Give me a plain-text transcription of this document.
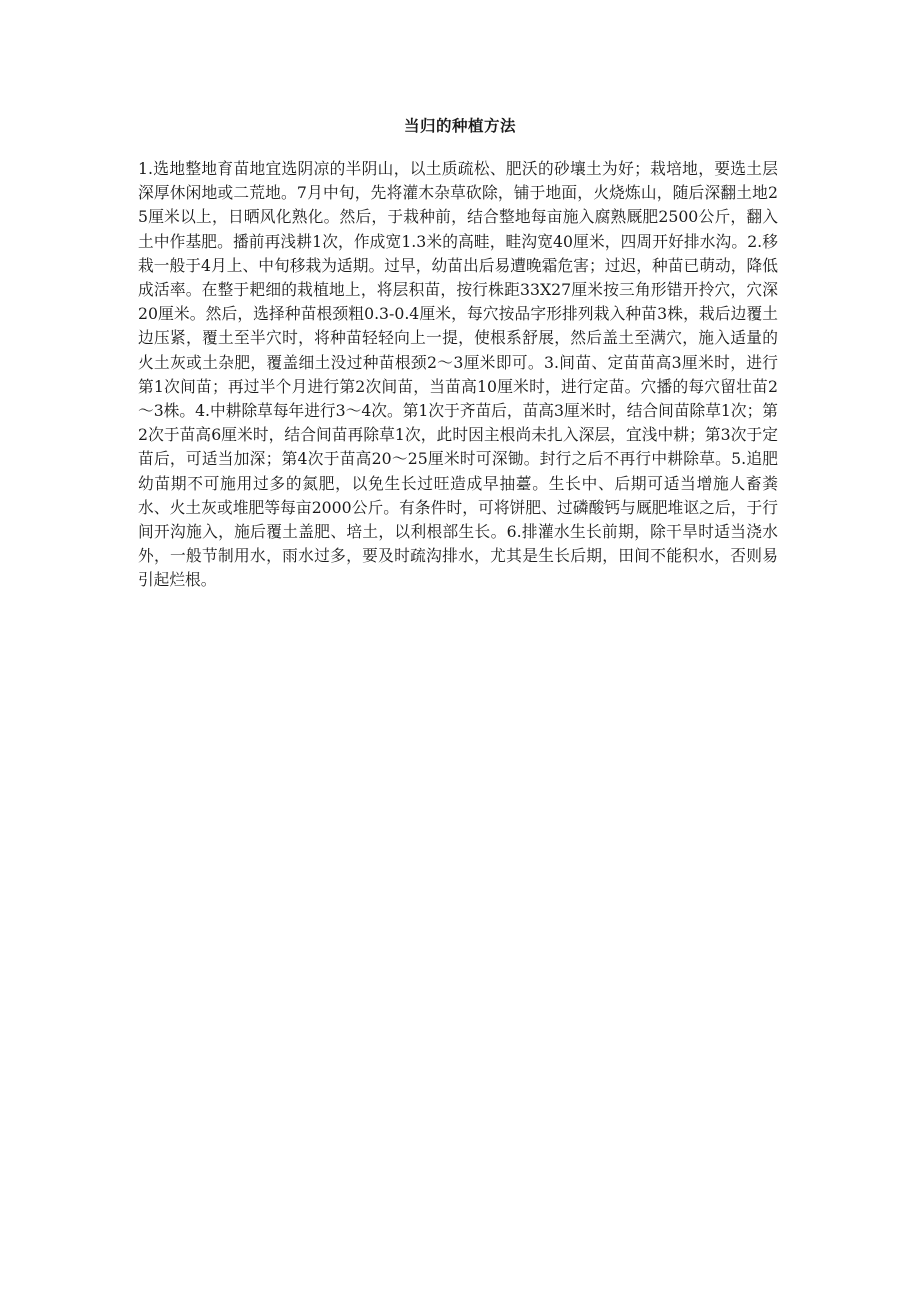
当归的种植方法

1.选地整地育苗地宜选阴凉的半阴山，以土质疏松、肥沃的砂壤土为好；栽培地，要选土层深厚休闲地或二荒地。7月中旬，先将灌木杂草砍除，铺于地面，火烧炼山，随后深翻土地25厘米以上，日晒风化熟化。然后，于栽种前，结合整地每亩施入腐熟厩肥2500公斤，翻入土中作基肥。播前再浅耕1次，作成宽1.3米的高畦，畦沟宽40厘米，四周开好排水沟。2.移栽一般于4月上、中旬移栽为适期。过早，幼苗出后易遭晚霜危害；过迟，种苗已萌动，降低成活率。在整于耙细的栽植地上，将层积苗，按行株距33X27厘米按三角形错开拎穴，穴深20厘米。然后，选择种苗根颈粗0.3-0.4厘米，每穴按品字形排列栽入种苗3株，栽后边覆土边压紧，覆土至半穴时，将种苗轻轻向上一提，使根系舒展，然后盖土至满穴，施入适量的火土灰或土杂肥，覆盖细土没过种苗根颈2～3厘米即可。3.间苗、定苗苗高3厘米时，进行第1次间苗；再过半个月进行第2次间苗，当苗高10厘米时，进行定苗。穴播的每穴留壮苗2～3株。4.中耕除草每年进行3～4次。第1次于齐苗后，苗高3厘米时，结合间苗除草1次；第2次于苗高6厘米时，结合间苗再除草1次，此时因主根尚未扎入深层，宜浅中耕；第3次于定苗后，可适当加深；第4次于苗高20～25厘米时可深锄。封行之后不再行中耕除草。5.追肥幼苗期不可施用过多的氮肥，以免生长过旺造成早抽薹。生长中、后期可适当增施人畜粪水、火土灰或堆肥等每亩2000公斤。有条件时，可将饼肥、过磷酸钙与厩肥堆讴之后，于行间开沟施入，施后覆土盖肥、培土，以利根部生长。6.排灌水生长前期，除干旱时适当浇水外，一般节制用水，雨水过多，要及时疏沟排水，尤其是生长后期，田间不能积水，否则易引起烂根。
